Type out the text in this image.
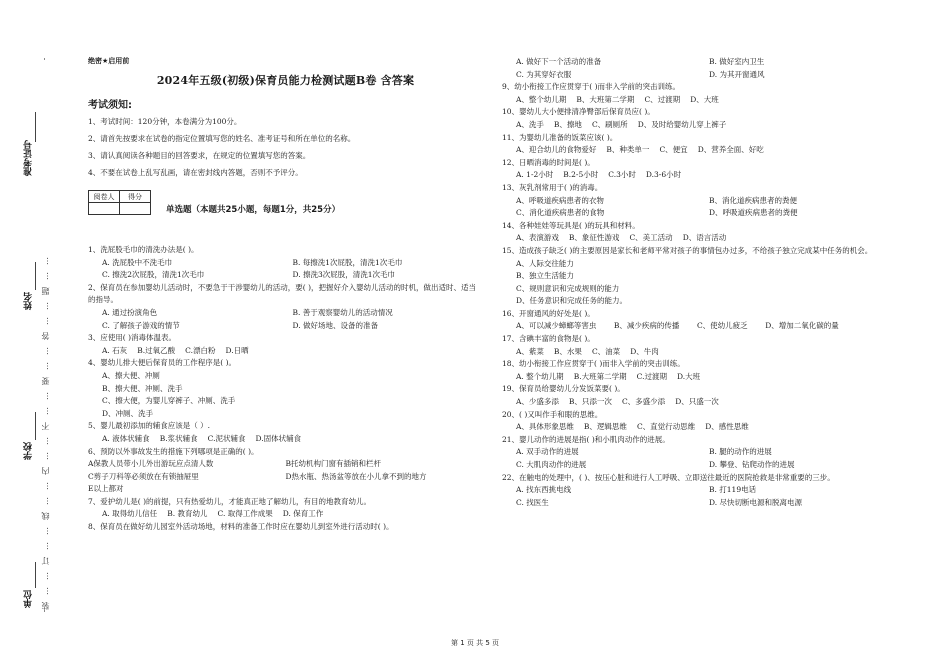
装……订……线……内……不……要……答……题……
准考证号
姓名
学校
单位
绝密★启用前
2024年五级(初级)保育员能力检测试题B卷 含答案
考试须知:
1、考试时间：120分钟，本卷满分为100分。
2、请首先按要求在试卷的指定位置填写您的姓名、准考证号和所在单位的名称。
3、请认真阅读各种题目的回答要求，在规定的位置填写您的答案。
4、不要在试卷上乱写乱画，请在密封线内答题，否则不予评分。
阅卷人	得分

单选题（本题共25小题，每题1分，共25分）
1、洗屁股毛巾的清洗办法是( )。
A. 洗屁股中不洗毛巾	B. 每擦洗1次屁股，清洗1次毛巾
C. 擦洗2次屁股，清洗1次毛巾	D. 擦洗3次屁股，清洗1次毛巾
2、保育员在参加婴幼儿活动时，不要急于干涉婴幼儿的活动，要( )，把握好介入婴幼儿活动的时机，做出适时、适当的指导。
A. 通过扮演角色	B. 善于观察婴幼儿的活动情况
C. 了解孩子游戏的情节	D. 做好场地、设备的准备
3、应使用( )消毒体温表。
A. 石灰 B.过氧乙酸 C.漂白粉 D.日晒
4、婴幼儿排大便后保育员的工作程序是( )。
A、擦大便、冲厕
B、擦大便、冲厕、洗手
C、擦大便，为婴儿穿裤子、冲厕、洗手
D、冲厕、洗手
5、婴儿最初添加的辅食应该是（ ）.
A. 液体状辅食 B.浆状辅食 C.泥状辅食 D.固体状辅食
6、预防以外事故发生的措施下列哪项是正确的( )。
A保教人员带小儿外出游玩应点清人数	B托幼机构门窗有插销和栏杆
C剪子刀科等必须放在有锁抽屉里	D热水瓶、热汤盆等放在小儿拿不到的地方
E以上都对
7、爱护幼儿是( )的前提，只有热爱幼儿，才能真正地了解幼儿，有目的地教育幼儿。
A. 取得幼儿信任 B. 教育幼儿 C. 取得工作成果 D. 保育工作
8、保育员在做好幼儿园室外活动场地，材料的准备工作时应在婴幼儿到室外进行活动时( )。
A. 做好下一个活动的准备	B. 做好室内卫生
C. 为其穿好衣服	D. 为其开窗通风
9、幼小衔接工作应贯穿于( )而非入学前的突击训练。
A、整个幼儿期 B、大班第二学期 C、过渡期 D、大班
10、婴幼儿大小便排清净臀部后保育员应( )。
A、洗手 B、擦地 C、刷厕所 D、及时给婴幼儿穿上裤子
11、为婴幼儿准备的饭菜应该( )。
A、迎合幼儿的食物爱好 B、种类单一 C、便宜 D、营养全面、好吃
12、日晒消毒的时间是( )。
A. 1-2小时 B.2-5小时 C.3小时 D.3-6小时
13、灰乳剂常用于( )的消毒。
A、呼吸道疾病患者的衣物	B、消化道疾病患者的粪便
C、消化道疾病患者的食物	D、呼吸道疾病患者的粪便
14、各种娃娃等玩具是( )的玩具和材料。
A、表演游戏 B、象征性游戏 C、美工活动 D、语言活动
15、造成孩子缺乏( )的主要原因是家长和老师平常对孩子的事情包办过多，不给孩子独立完成某中任务的机会。
A、人际交往能力
B、独立生活能力
C、规则意识和完成规则的能力
D、任务意识和完成任务的能力。
16、开窗通风的好处是( )。
A、可以减少蟑螂等害虫　 B、减少疾病的传播　 C、使幼儿疲乏　 D、增加二氧化碳的量　
17、含碘丰富的食物是( )。
A、紫菜 B、水果 C、油菜 D、牛肉
18、幼小衔接工作应贯穿于( )而非入学前的突击训练。
A. 整个幼儿期 B.大班第二学期 C.过渡期 D.大班
19、保育员给婴幼儿分发饭菜要( )。
A、少盛多添 B、只添一次 C、多盛少添 D、只盛一次
20、( )又叫作手和眼的思维。
A、具体形象思维 B、逻辑思维 C、直觉行动思维 D、感性思维
21、婴儿动作的进展是指( )和小肌肉动作的进展。
A. 双手动作的进展	B. 腿的动作的进展
C. 大肌肉动作的进展	D. 攀登、钻爬动作的进展
22、在触电的处理中，( )、按压心脏和进行人工呼吸、立即送往最近的医院抢救是非常重要的三步。
A. 找东西挑电线	B. 打119电话
C. 找医生	D. 尽快切断电源和脱离电源
第 1 页 共 5 页
